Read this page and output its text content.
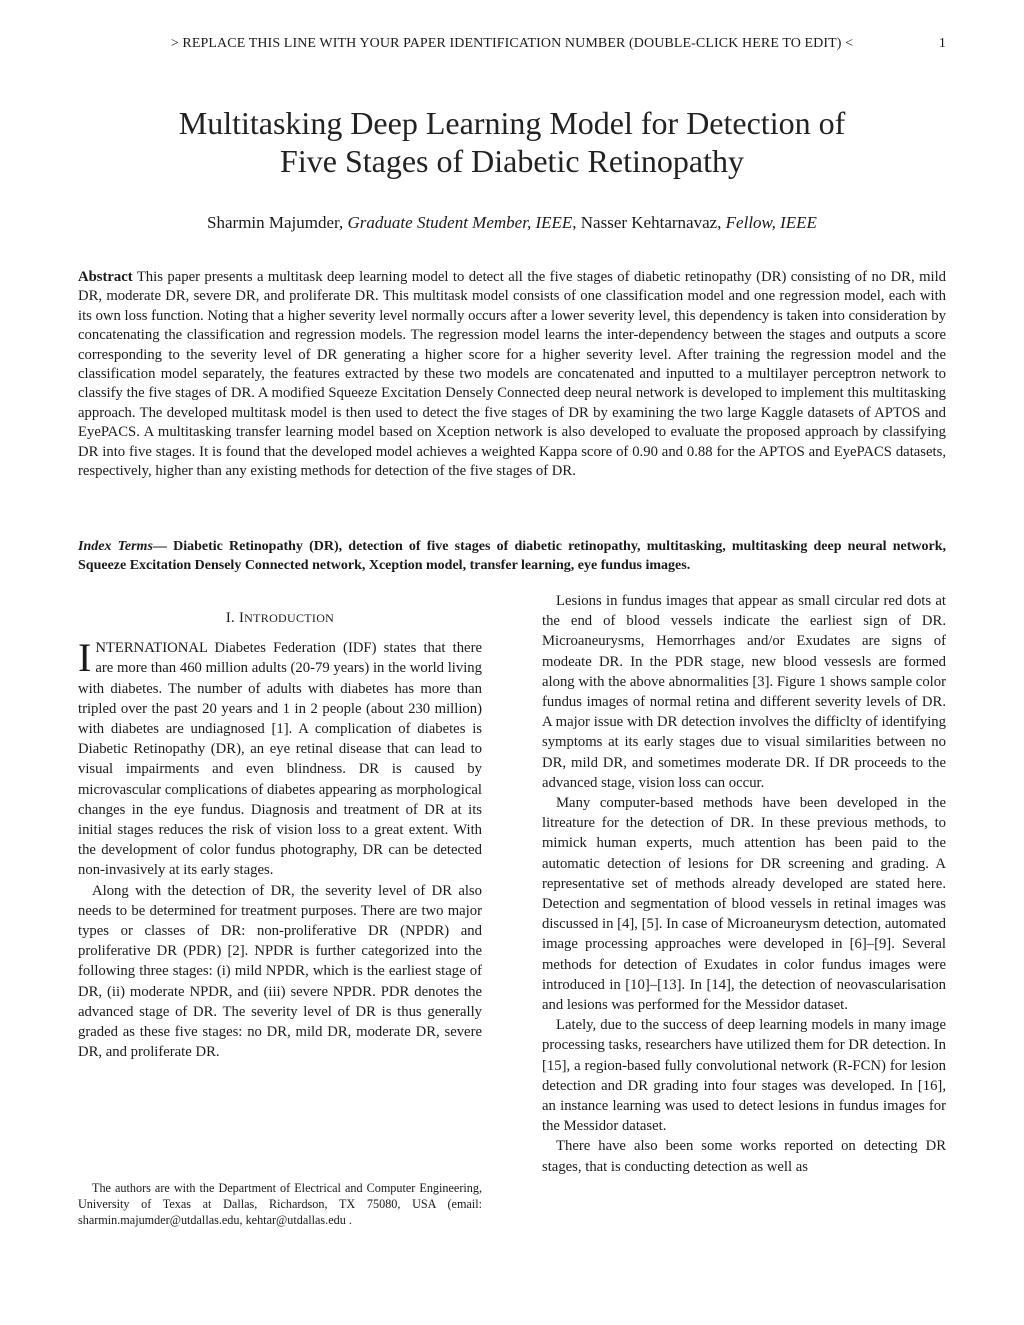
> REPLACE THIS LINE WITH YOUR PAPER IDENTIFICATION NUMBER (DOUBLE-CLICK HERE TO EDIT) <	1
Multitasking Deep Learning Model for Detection of
Five Stages of Diabetic Retinopathy
Sharmin Majumder, Graduate Student Member, IEEE, Nasser Kehtarnavaz, Fellow, IEEE
Abstract This paper presents a multitask deep learning model to detect all the five stages of diabetic retinopathy (DR) consisting of no DR, mild DR, moderate DR, severe DR, and proliferate DR. This multitask model consists of one classification model and one regression model, each with its own loss function. Noting that a higher severity level normally occurs after a lower severity level, this dependency is taken into consideration by concatenating the classification and regression models. The regression model learns the inter-dependency between the stages and outputs a score corresponding to the severity level of DR generating a higher score for a higher severity level. After training the regression model and the classification model separately, the features extracted by these two models are concatenated and inputted to a multilayer perceptron network to classify the five stages of DR. A modified Squeeze Excitation Densely Connected deep neural network is developed to implement this multitasking approach. The developed multitask model is then used to detect the five stages of DR by examining the two large Kaggle datasets of APTOS and EyePACS. A multitasking transfer learning model based on Xception network is also developed to evaluate the proposed approach by classifying DR into five stages. It is found that the developed model achieves a weighted Kappa score of 0.90 and 0.88 for the APTOS and EyePACS datasets, respectively, higher than any existing methods for detection of the five stages of DR.
Index Terms— Diabetic Retinopathy (DR), detection of five stages of diabetic retinopathy, multitasking, multitasking deep neural network, Squeeze Excitation Densely Connected network, Xception model, transfer learning, eye fundus images.
I. INTRODUCTION

INTERNATIONAL Diabetes Federation (IDF) states that there are more than 460 million adults (20-79 years) in the world living with diabetes. The number of adults with diabetes has more than tripled over the past 20 years and 1 in 2 people (about 230 million) with diabetes are undiagnosed [1]. A complication of diabetes is Diabetic Retinopathy (DR), an eye retinal disease that can lead to visual impairments and even blindness. DR is caused by microvascular complications of diabetes appearing as morphological changes in the eye fundus. Diagnosis and treatment of DR at its initial stages reduces the risk of vision loss to a great extent. With the development of color fundus photography, DR can be detected non-invasively at its early stages.

Along with the detection of DR, the severity level of DR also needs to be determined for treatment purposes. There are two major types or classes of DR: non-proliferative DR (NPDR) and proliferative DR (PDR) [2]. NPDR is further categorized into the following three stages: (i) mild NPDR, which is the earliest stage of DR, (ii) moderate NPDR, and (iii) severe NPDR. PDR denotes the advanced stage of DR. The severity level of DR is thus generally graded as these five stages: no DR, mild DR, moderate DR, severe DR, and proliferate DR.

Lesions in fundus images that appear as small circular red dots at the end of blood vessels indicate the earliest sign of DR. Microaneurysms, Hemorrhages and/or Exudates are signs of modeate DR. In the PDR stage, new blood vessesls are formed along with the above abnormalities [3]. Figure 1 shows sample color fundus images of normal retina and different severity levels of DR. A major issue with DR detection involves the difficlty of identifying symptoms at its early stages due to visual similarities between no DR, mild DR, and sometimes moderate DR. If DR proceeds to the advanced stage, vision loss can occur.

Many computer-based methods have been developed in the litreature for the detection of DR. In these previous methods, to mimick human experts, much attention has been paid to the automatic detection of lesions for DR screening and grading. A representative set of methods already developed are stated here. Detection and segmentation of blood vessels in retinal images was discussed in [4], [5]. In case of Microaneurysm detection, automated image processing approaches were developed in [6]–[9]. Several methods for detection of Exudates in color fundus images were introduced in [10]–[13]. In [14], the detection of neovascularisation and lesions was performed for the Messidor dataset.

Lately, due to the success of deep learning models in many image processing tasks, researchers have utilized them for DR detection. In [15], a region-based fully convolutional network (R-FCN) for lesion detection and DR grading into four stages was developed. In [16], an instance learning was used to detect lesions in fundus images for the Messidor dataset.

There have also been some works reported on detecting DR stages, that is conducting detection as well as

The authors are with the Department of Electrical and Computer Engineering, University of Texas at Dallas, Richardson, TX 75080, USA (email: sharmin.majumder@utdallas.edu, kehtar@utdallas.edu .
